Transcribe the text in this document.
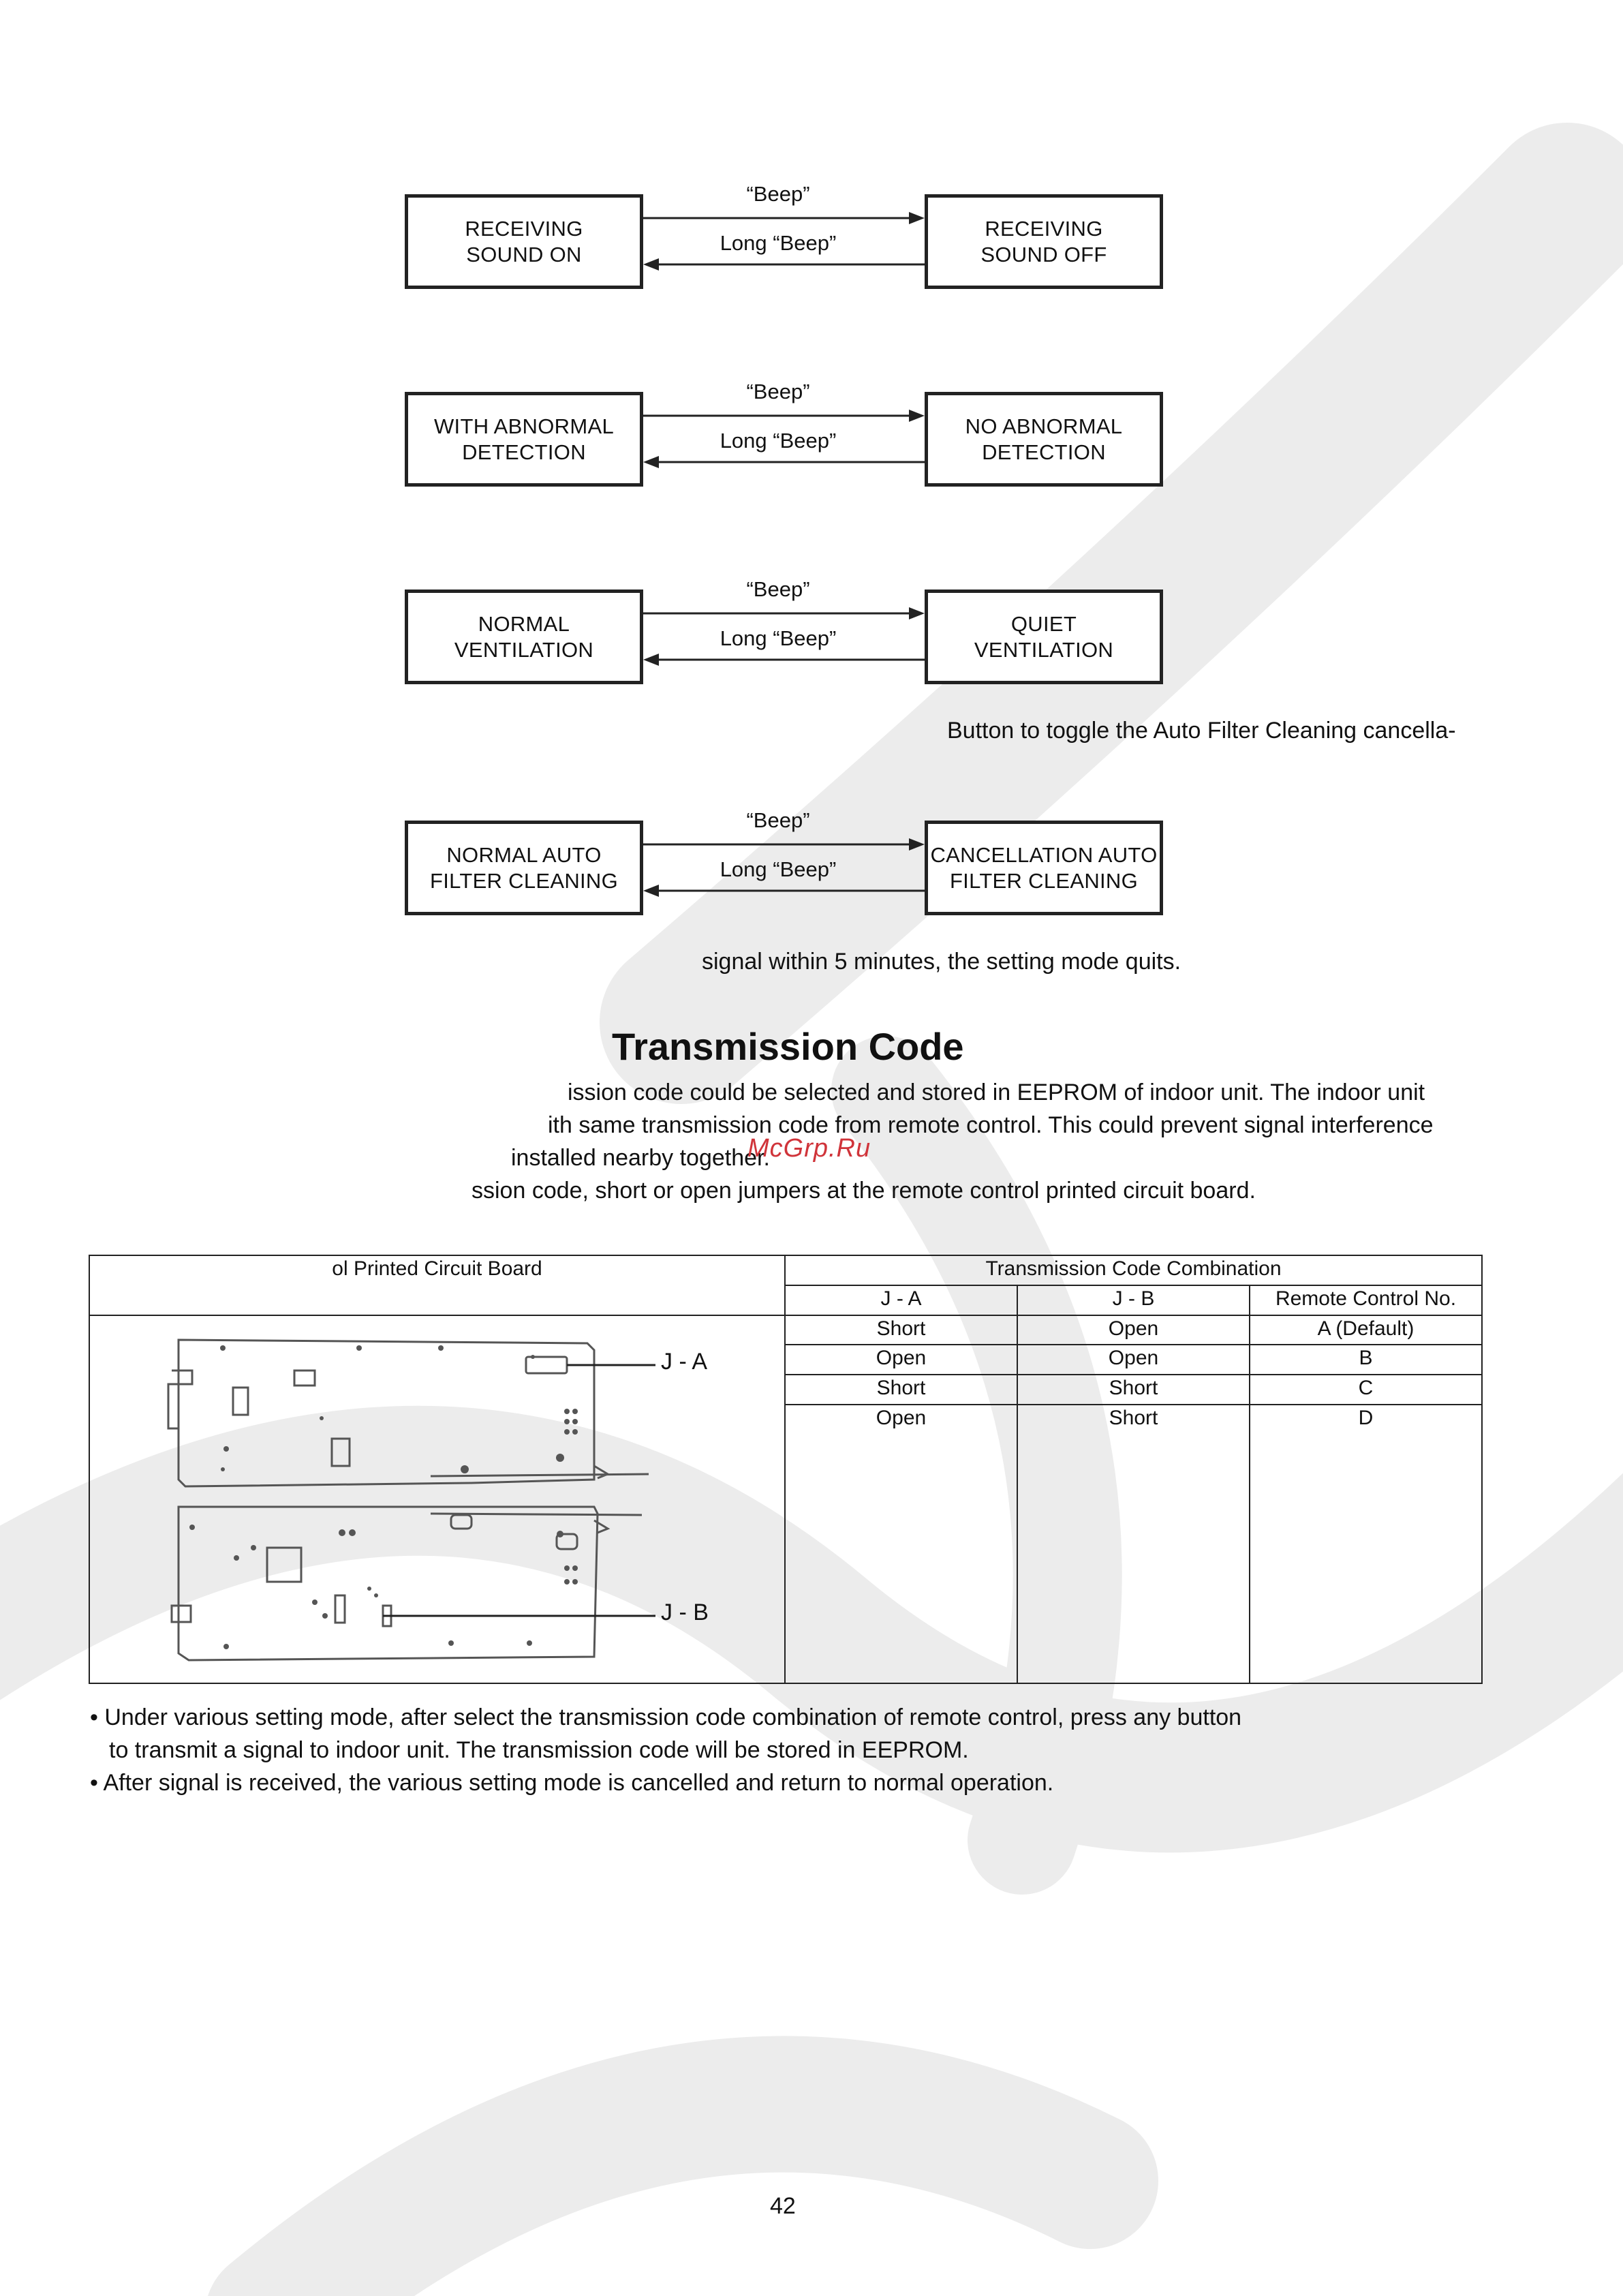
RECEIVING
SOUND ON
RECEIVING
SOUND OFF
“Beep”
Long “Beep”
WITH ABNORMAL
DETECTION
NO ABNORMAL
DETECTION
“Beep”
Long “Beep”
NORMAL
VENTILATION
QUIET
VENTILATION
“Beep”
Long “Beep”
Button to toggle the Auto Filter Cleaning cancella-
NORMAL AUTO
FILTER CLEANING
CANCELLATION AUTO
FILTER CLEANING
“Beep”
Long “Beep”
signal within 5 minutes, the setting mode quits.
Transmission Code
ission code could be selected and stored in EEPROM of indoor unit. The indoor unit
ith same transmission code from remote control. This could prevent signal interference
installed nearby together.
McGrp.Ru
ssion code, short or open jumpers at the remote control printed circuit board.
ol Printed Circuit Board	Transmission Code Combination		
	J - A	J - B	Remote Control No.

J - A
J - B	Short	Open	A (Default)
	Open	Open	B
	Short	Short	C
	Open	Short	D
• Under various setting mode, after select the transmission code combination of remote control, press any button
to transmit a signal to indoor unit. The transmission code will be stored in EEPROM.
• After signal is received, the various setting mode is cancelled and return to normal operation.
42
